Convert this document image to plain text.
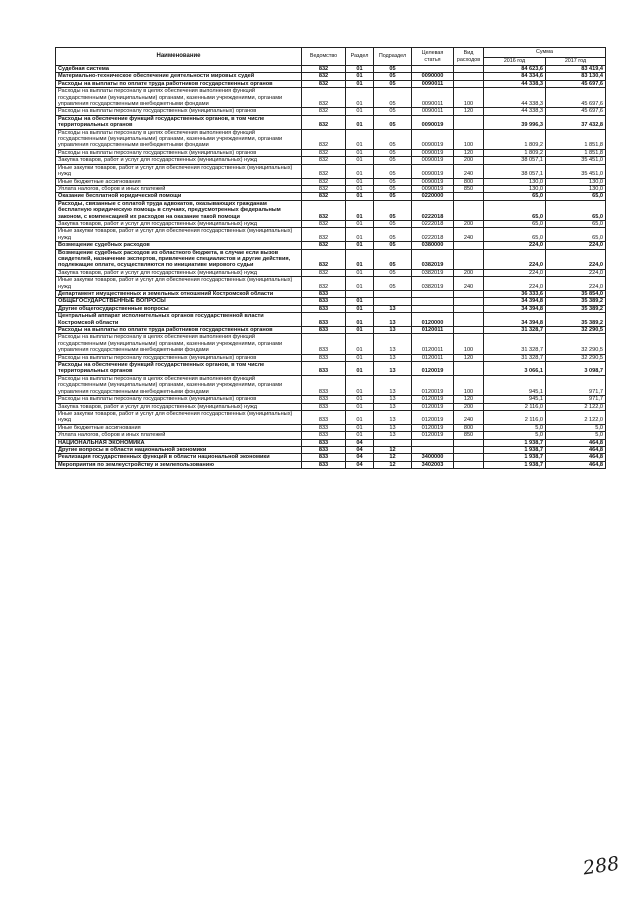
Наименование	Ведомство	Раздел	Подраздел	Целевая статья	Вид расходов	Сумма	
						2016 год	2017 год
Судебная система	832	01	05			84 623,6	83 419,4
Материально-техническое обеспечение деятельности мировых судей	832	01	05	0090000		84 334,6	83 130,4
Расходы на выплаты по оплате труда работников государственных органов	832	01	05	0090011		44 338,3	45 697,6
Расходы на выплаты персоналу в целях обеспечения выполнения функций государственными (муниципальными) органами, казенными учреждениями, органами управления государственными внебюджетными фондами	832	01	05	0090011	100	44 338,3	45 697,6
Расходы на выплаты персоналу государственных (муниципальных) органов	832	01	05	0090011	120	44 338,3	45 697,6
Расходы на обеспечение функций государственных органов, в том числе территориальных органов	832	01	05	0090019		39 996,3	37 432,8
Расходы на выплаты персоналу в целях обеспечения выполнения функций государственными (муниципальными) органами, казенными учреждениями, органами управления государственными внебюджетными фондами	832	01	05	0090019	100	1 809,2	1 851,8
Расходы на выплаты персоналу государственных (муниципальных) органов	832	01	05	0090019	120	1 809,2	1 851,8
Закупка товаров, работ и услуг для государственных (муниципальных) нужд	832	01	05	0090019	200	38 057,1	35 451,0
Иные закупки товаров, работ и услуг для обеспечения государственных (муниципальных) нужд	832	01	05	0090019	240	38 057,1	35 451,0
Иные бюджетные ассигнования	832	01	05	0090019	800	130,0	130,0
Уплата налогов, сборов и иных платежей	832	01	05	0090019	850	130,0	130,0
Оказание бесплатной юридической помощи	832	01	05	0220000		65,0	65,0
Расходы, связанные с оплатой труда адвокатов, оказывающих гражданам бесплатную юридическую помощь в случаях, предусмотренных федеральным законом, с компенсацией их расходов на оказание такой помощи	832	01	05	0222018		65,0	65,0
Закупка товаров, работ и услуг для государственных (муниципальных) нужд	832	01	05	0222018	200	65,0	65,0
Иные закупки товаров, работ и услуг для обеспечения государственных (муниципальных) нужд	832	01	05	0222018	240	65,0	65,0
Возмещение судебных расходов	832	01	05	0380000		224,0	224,0
Возмещение судебных расходов из областного бюджета, в случае если вызов свидетелей, назначение экспертов, привлечение специалистов и другие действия, подлежащие оплате, осуществляются по инициативе мирового судьи	832	01	05	0382019		224,0	224,0
Закупка товаров, работ и услуг для государственных (муниципальных) нужд	832	01	05	0382019	200	224,0	224,0
Иные закупки товаров, работ и услуг для обеспечения государственных (муниципальных) нужд	832	01	05	0382019	240	224,0	224,0
Департамент имущественных и земельных отношений Костромской области	833					36 333,6	35 854,0
ОБЩЕГОСУДАРСТВЕННЫЕ ВОПРОСЫ	833	01				34 394,8	35 389,2
Другие общегосударственные вопросы	833	01	13			34 394,8	35 389,2
Центральный аппарат исполнительных органов государственной власти Костромской области	833	01	13	0120000		34 394,8	35 389,2
Расходы на выплаты по оплате труда работников государственных органов	833	01	13	0120011		31 328,7	32 290,5
Расходы на выплаты персоналу в целях обеспечения выполнения функций государственными (муниципальными) органами, казенными учреждениями, органами управления государственными внебюджетными фондами	833	01	13	0120011	100	31 328,7	32 290,5
Расходы на выплаты персоналу государственных (муниципальных) органов	833	01	13	0120011	120	31 328,7	32 290,5
Расходы на обеспечение функций государственных органов, в том числе территориальных органов	833	01	13	0120019		3 066,1	3 098,7
Расходы на выплаты персоналу в целях обеспечения выполнения функций государственными (муниципальными) органами, казенными учреждениями, органами управления государственными внебюджетными фондами	833	01	13	0120019	100	945,1	971,7
Расходы на выплаты персоналу государственных (муниципальных) органов	833	01	13	0120019	120	945,1	971,7
Закупка товаров, работ и услуг для государственных (муниципальных) нужд	833	01	13	0120019	200	2 116,0	2 122,0
Иные закупки товаров, работ и услуг для обеспечения государственных (муниципальных) нужд	833	01	13	0120019	240	2 116,0	2 122,0
Иные бюджетные ассигнования	833	01	13	0120019	800	5,0	5,0
Уплата налогов, сборов и иных платежей	833	01	13	0120019	850	5,0	5,0
НАЦИОНАЛЬНАЯ ЭКОНОМИКА	833	04				1 938,7	464,8
Другие вопросы в области национальной экономики	833	04	12			1 938,7	464,8
Реализация государственных функций в области национальной экономики	833	04	12	3400000		1 938,7	464,8
Мероприятия по землеустройству и землепользованию	833	04	12	3402003		1 938,7	464,8
288
